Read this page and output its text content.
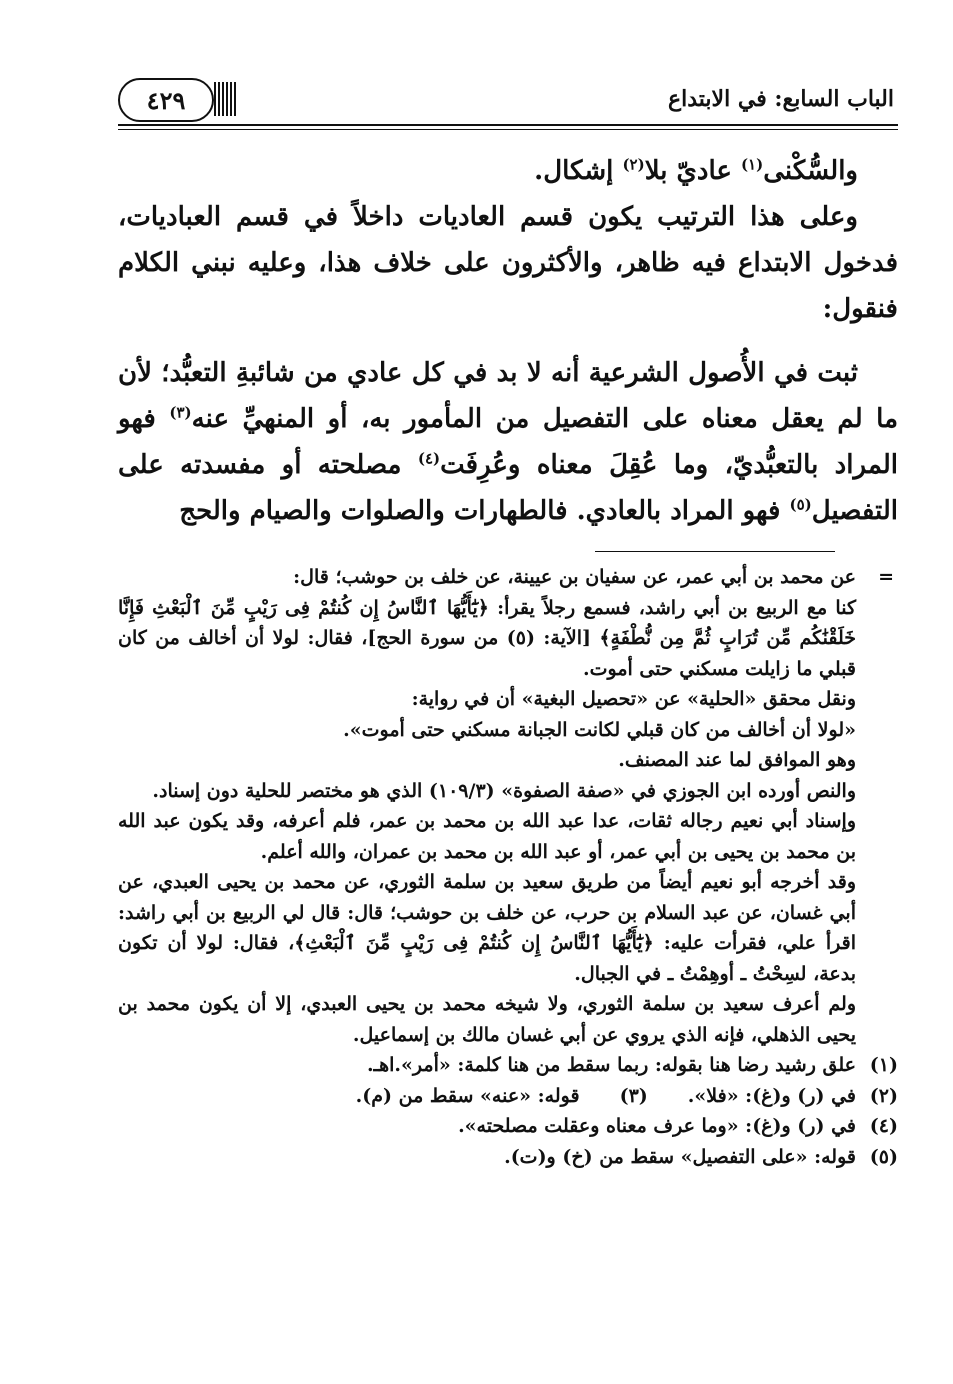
٤٢٩	الباب السابع: في الابتداع

والسُّكْنى$^{(١)}$ عاديّ بلا$^{(٢)}$ إشكال.

وعلى هذا الترتيب يكون قسم العاديات داخلاً في قسم العباديات، فدخول الابتداع فيه ظاهر، والأكثرون على خلاف هذا، وعليه نبني الكلام فنقول:

ثبت في الأُصول الشرعية أنه لا بد في كل عادي من شائبةِ التعبُّد؛ لأن ما لم يعقل معناه على التفصيل من المأمور به، أو المنهيِّ عنه$^{(٣)}$ فهو المراد بالتعبُّديّ، وما عُقِلَ معناه وعُرِفَت$^{(٤)}$ مصلحته أو مفسدته على التفصيل$^{(٥)}$ فهو المراد بالعادي. فالطهارات والصلوات والصيام والحج

=
عن محمد بن أبي عمر، عن سفيان بن عيينة، عن خلف بن حوشب؛ قال:

كنا مع الربيع بن أبي راشد، فسمع رجلاً يقرأ: ﴿يَٰٓأَيُّهَا ٱلنَّاسُ إِن كُنتُمْ فِى رَيْبٍ مِّنَ ٱلْبَعْثِ فَإِنَّا خَلَقْنَٰكُم مِّن تُرَابٍ ثُمَّ مِن نُّطْفَةٍ﴾ [الآية: (٥) من سورة الحج]، فقال: لولا أن أخالف من كان قبلي ما زايلت مسكني حتى أموت.

ونقل محقق «الحلية» عن «تحصيل البغية» أن في رواية:

«لولا أن أخالف من كان قبلي لكانت الجبانة مسكني حتى أموت».

وهو الموافق لما عند المصنف.

والنص أورده ابن الجوزي في «صفة الصفوة» (١٠٩/٣) الذي هو مختصر للحلية دون إسناد.

وإسناد أبي نعيم رجاله ثقات، عدا عبد الله بن محمد بن عمر، فلم أعرفه، وقد يكون عبد الله بن محمد بن يحيى بن أبي عمر، أو عبد الله بن محمد بن عمران، والله أعلم.

وقد أخرجه أبو نعيم أيضاً من طريق سعيد بن سلمة الثوري، عن محمد بن يحيى العبدي، عن أبي غسان، عن عبد السلام بن حرب، عن خلف بن حوشب؛ قال: قال لي الربيع بن أبي راشد: اقرأ علي، فقرأت عليه: ﴿يَٰٓأَيُّهَا ٱلنَّاسُ إِن كُنتُمْ فِى رَيْبٍ مِّنَ ٱلْبَعْثِ﴾، فقال: لولا أن تكون بدعة، لسِحْتُ ـ أوهِمْتُ ـ في الجبال.

ولم أعرف سعيد بن سلمة الثوري، ولا شيخه محمد بن يحيى العبدي، إلا أن يكون محمد بن يحيى الذهلي، فإنه الذي يروي عن أبي غسان مالك بن إسماعيل.

(١)
علق رشيد رضا هنا بقوله: ربما سقط من هنا كلمة: «أمر».اهـ.
(٢)
في (ر) و(غ): «فلا».(٣)قوله: «عنه» سقط من (م).
(٤)
في (ر) و(غ): «وما عرف معناه وعقلت مصلحته».
(٥)
قوله: «على التفصيل» سقط من (خ) و(ت).
